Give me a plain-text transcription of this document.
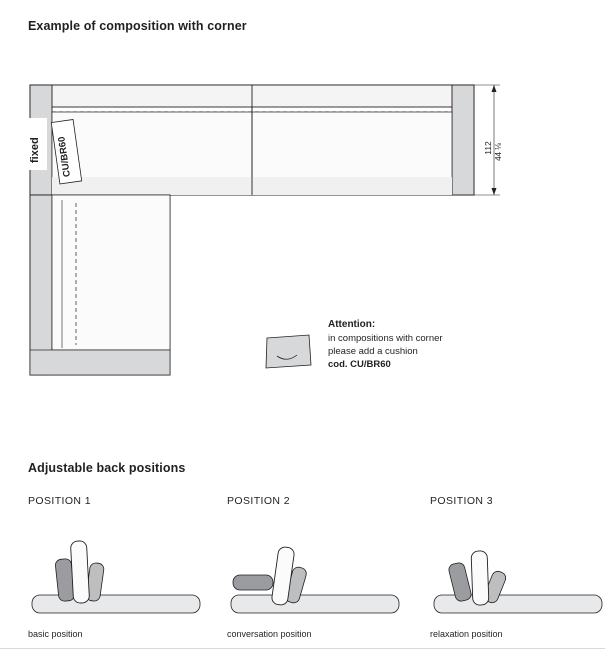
Example of composition with corner
Adjustable back positions
fixed CU/BR60	112 44 ⅛
Attention:
in compositions with corner
please add a cushion
cod. CU/BR60
POSITION 1
basic position
POSITION 2
conversation position
POSITION 3
relaxation position
